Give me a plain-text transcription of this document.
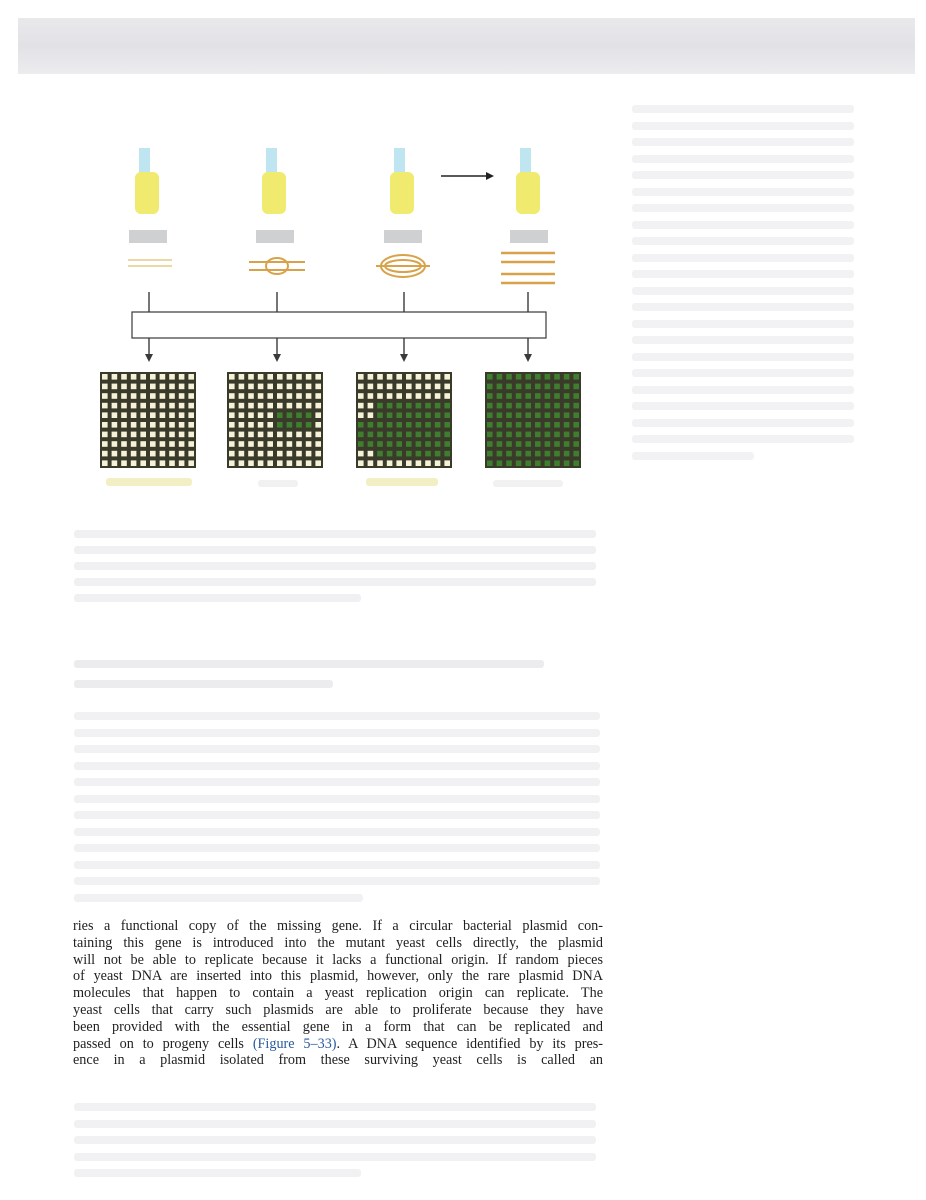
ries a functional copy of the missing gene. If a circular bacterial plasmid con-
taining this gene is introduced into the mutant yeast cells directly, the plasmid
will not be able to replicate because it lacks a functional origin. If random pieces
of yeast DNA are inserted into this plasmid, however, only the rare plasmid DNA
molecules that happen to contain a yeast replication origin can replicate. The
yeast cells that carry such plasmids are able to proliferate because they have
been provided with the essential gene in a form that can be replicated and
passed on to progeny cells (Figure 5–33). A DNA sequence identified by its pres-
ence in a plasmid isolated from these surviving yeast cells is called an
